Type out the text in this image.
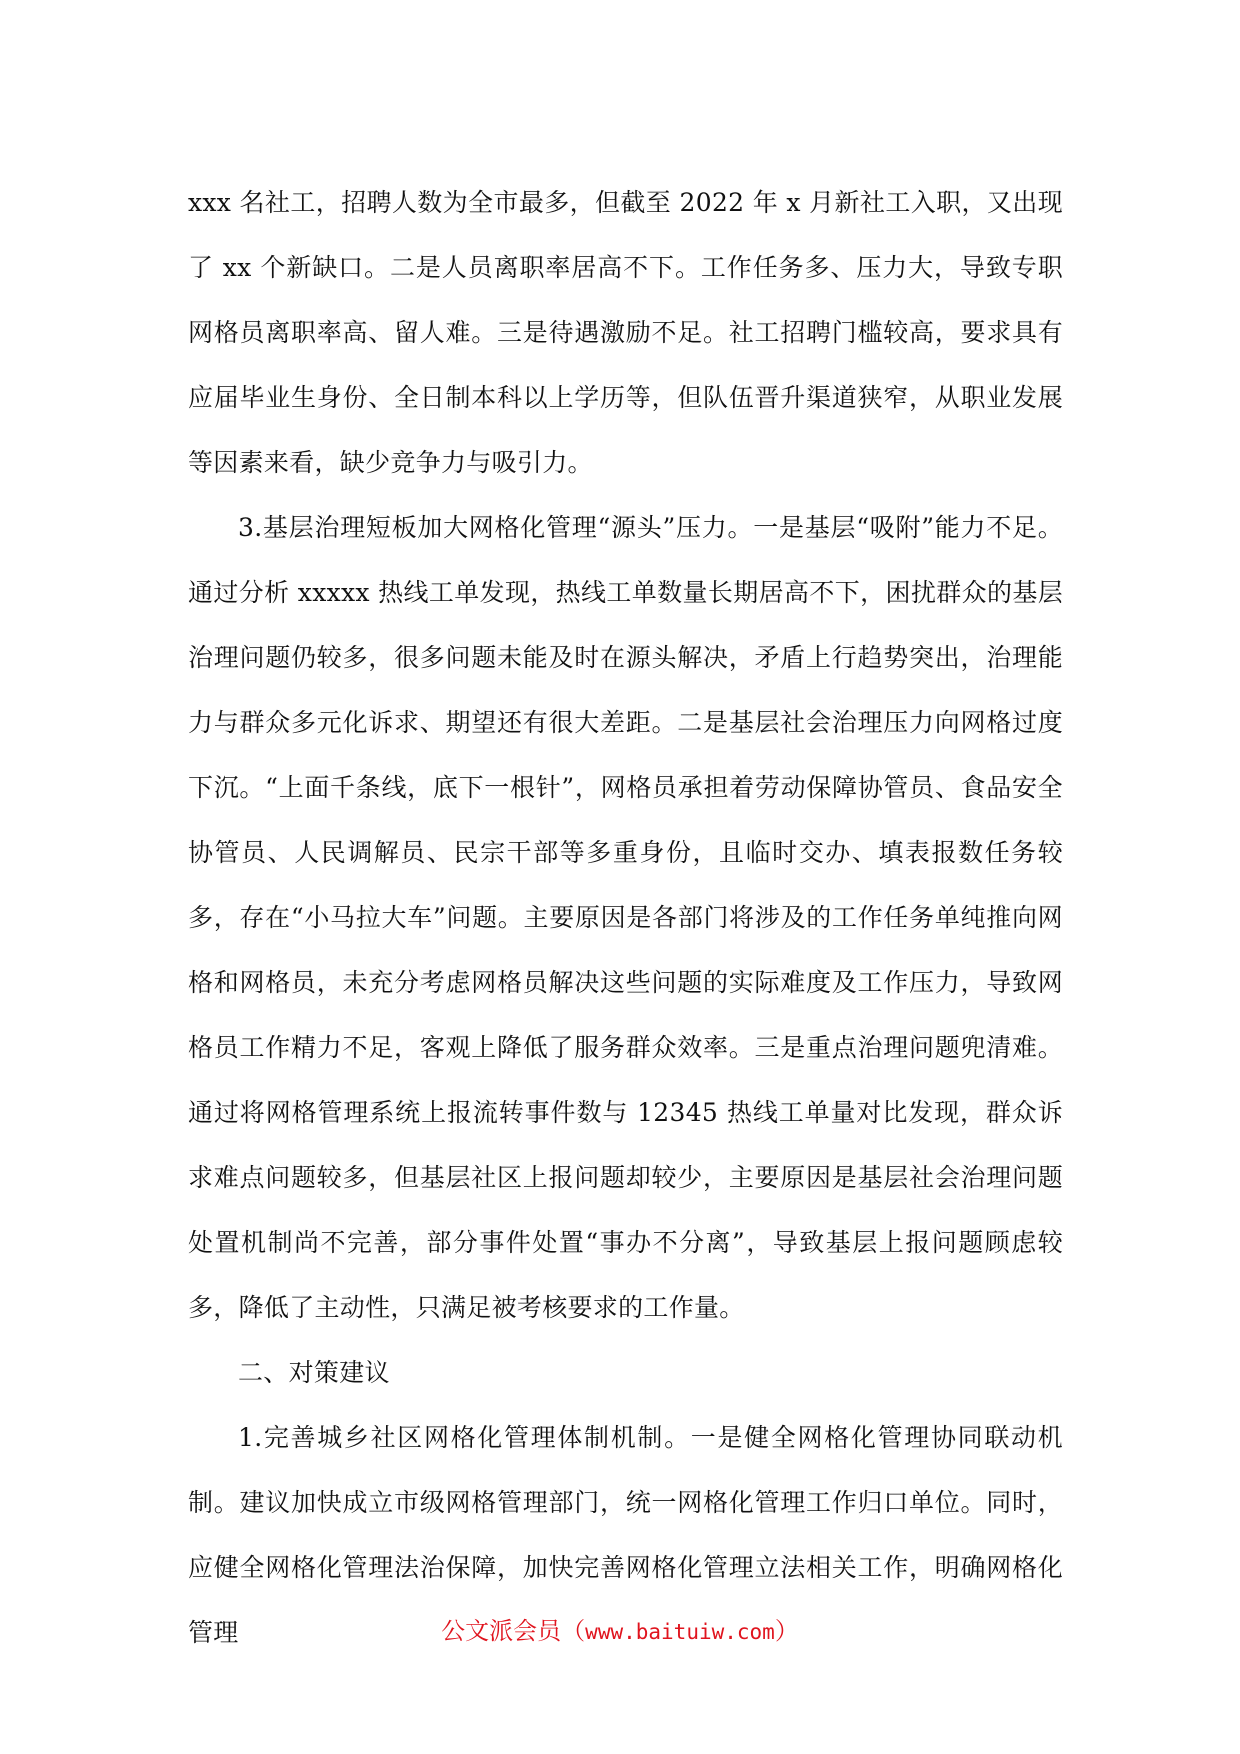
xxx 名社工，招聘人数为全市最多，但截至 2022 年 x 月新社工入职，又出现了 xx 个新缺口。二是人员离职率居高不下。工作任务多、压力大，导致专职网格员离职率高、留人难。三是待遇激励不足。社工招聘门槛较高，要求具有应届毕业生身份、全日制本科以上学历等，但队伍晋升渠道狭窄，从职业发展等因素来看，缺少竞争力与吸引力。

3.基层治理短板加大网格化管理“源头”压力。一是基层“吸附”能力不足。通过分析 xxxxx 热线工单发现，热线工单数量长期居高不下，困扰群众的基层治理问题仍较多，很多问题未能及时在源头解决，矛盾上行趋势突出，治理能力与群众多元化诉求、期望还有很大差距。二是基层社会治理压力向网格过度下沉。“上面千条线，底下一根针”，网格员承担着劳动保障协管员、食品安全协管员、人民调解员、民宗干部等多重身份，且临时交办、填表报数任务较多，存在“小马拉大车”问题。主要原因是各部门将涉及的工作任务单纯推向网格和网格员，未充分考虑网格员解决这些问题的实际难度及工作压力，导致网格员工作精力不足，客观上降低了服务群众效率。三是重点治理问题兜清难。通过将网格管理系统上报流转事件数与 12345 热线工单量对比发现，群众诉求难点问题较多，但基层社区上报问题却较少，主要原因是基层社会治理问题处置机制尚不完善，部分事件处置“事办不分离”，导致基层上报问题顾虑较多，降低了主动性，只满足被考核要求的工作量。

二、对策建议

1.完善城乡社区网格化管理体制机制。一是健全网格化管理协同联动机制。建议加快成立市级网格管理部门，统一网格化管理工作归口单位。同时，应健全网格化管理法治保障，加快完善网格化管理立法相关工作，明确网格化管理	公文派会员（www.baituiw.com）
